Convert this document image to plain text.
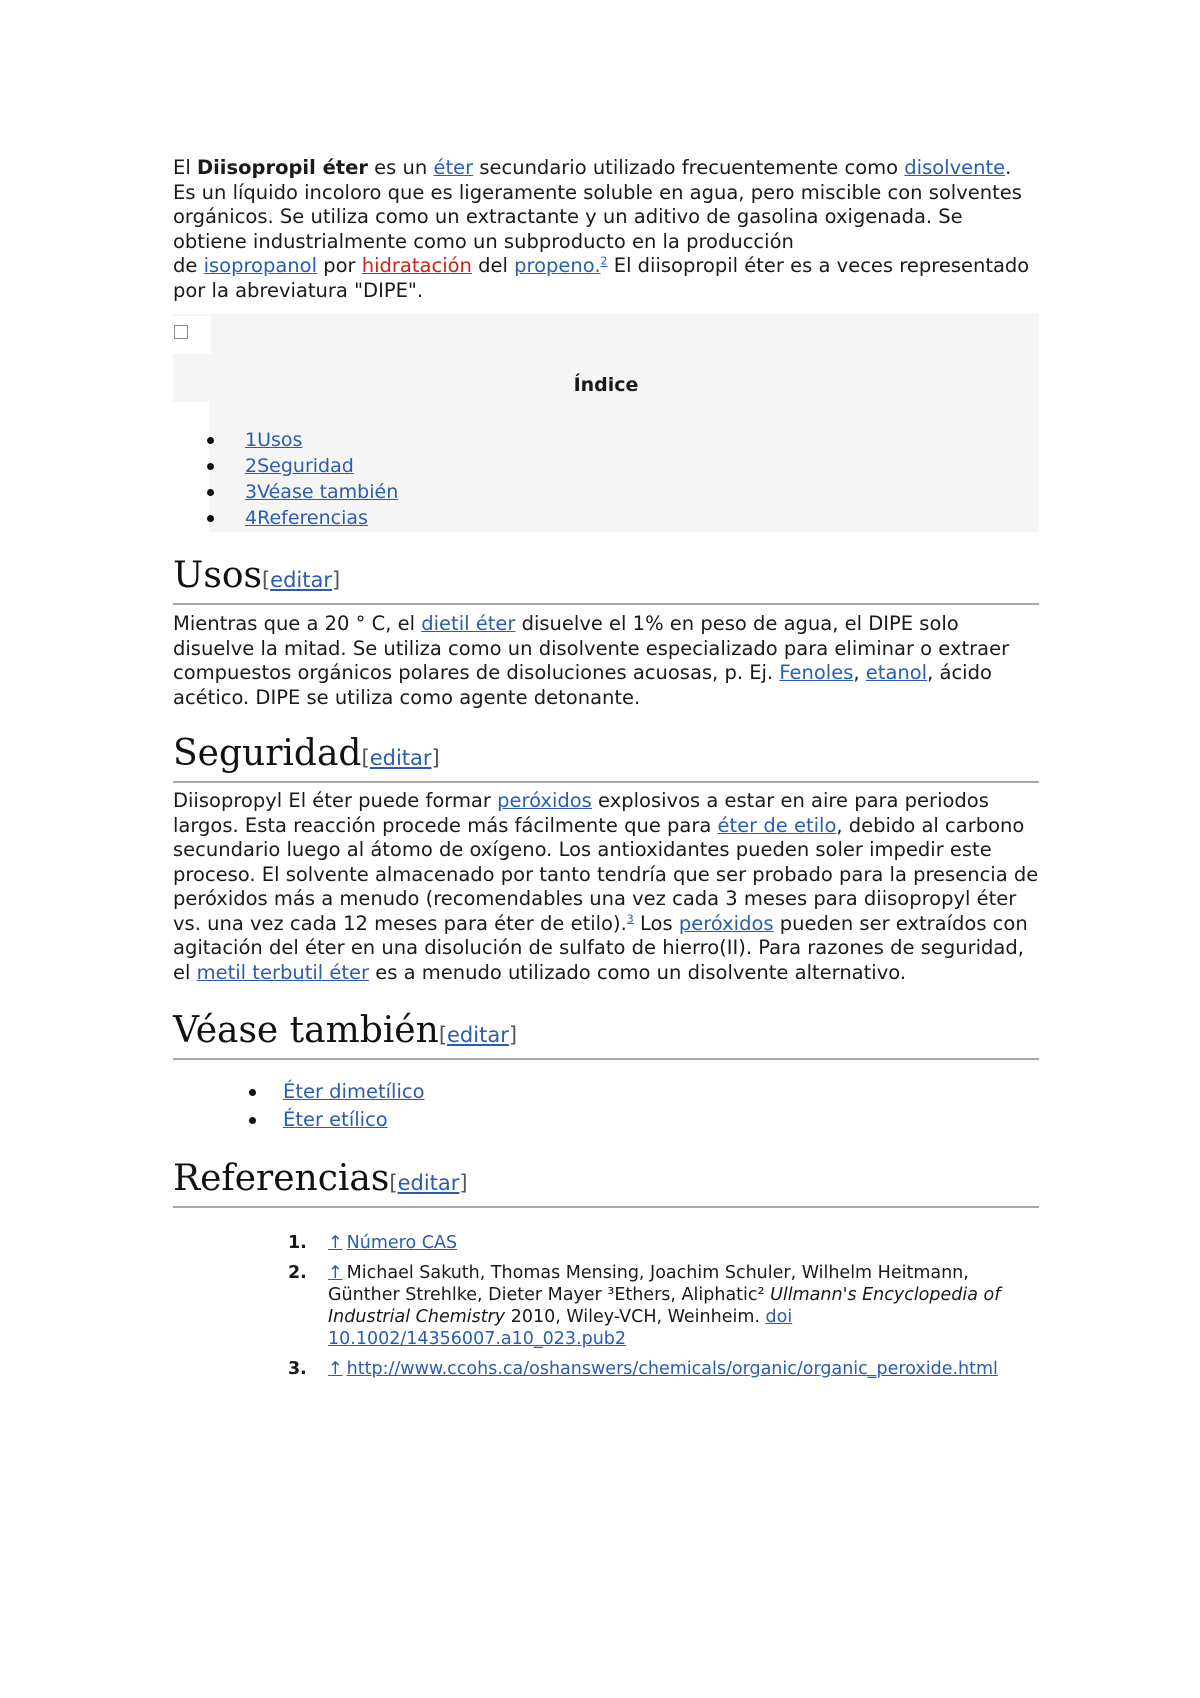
El Diisopropil éter es un éter secundario utilizado frecuentemente como disolvente. Es un líquido incoloro que es ligeramente soluble en agua, pero miscible con solventes orgánicos. Se utiliza como un extractante y un aditivo de gasolina oxigenada. Se obtiene industrialmente como un subproducto en la producción
de isopropanol por hidratación del propeno.$^2$ El diisopropil éter es a veces representado por la abreviatura "DIPE".

Índice
1Usos
2Seguridad
3Véase también
4Referencias
Usos[editar]

Mientras que a 20 ° C, el dietil éter disuelve el 1% en peso de agua, el DIPE solo disuelve la mitad. Se utiliza como un disolvente especializado para eliminar o extraer compuestos orgánicos polares de disoluciones acuosas, p. Ej. Fenoles, etanol, ácido acético. DIPE se utiliza como agente detonante.

Seguridad[editar]

Diisopropyl El éter puede formar peróxidos explosivos a estar en aire para periodos largos. Esta reacción procede más fácilmente que para éter de etilo, debido al carbono secundario luego al átomo de oxígeno. Los antioxidantes pueden soler impedir este proceso. El solvente almacenado por tanto tendría que ser probado para la presencia de peróxidos más a menudo (recomendables una vez cada 3 meses para diisopropyl éter vs. una vez cada 12 meses para éter de etilo).$^3$ Los peróxidos pueden ser extraídos con agitación del éter en una disolución de sulfato de hierro(II). Para razones de seguridad, el metil terbutil éter es a menudo utilizado como un disolvente alternativo.

Véase también[editar]
Éter dimetílico
Éter etílico
Referencias[editar]
1. ↑ Número CAS
2. ↑ Michael Sakuth, Thomas Mensing, Joachim Schuler, Wilhelm Heitmann, Günther Strehlke, Dieter Mayer ³Ethers, Aliphatic² Ullmann's Encyclopedia of Industrial Chemistry 2010, Wiley-VCH, Weinheim. doi 10.1002/14356007.a10_023.pub2
3. ↑ http://www.ccohs.ca/oshanswers/chemicals/organic/organic_peroxide.html
